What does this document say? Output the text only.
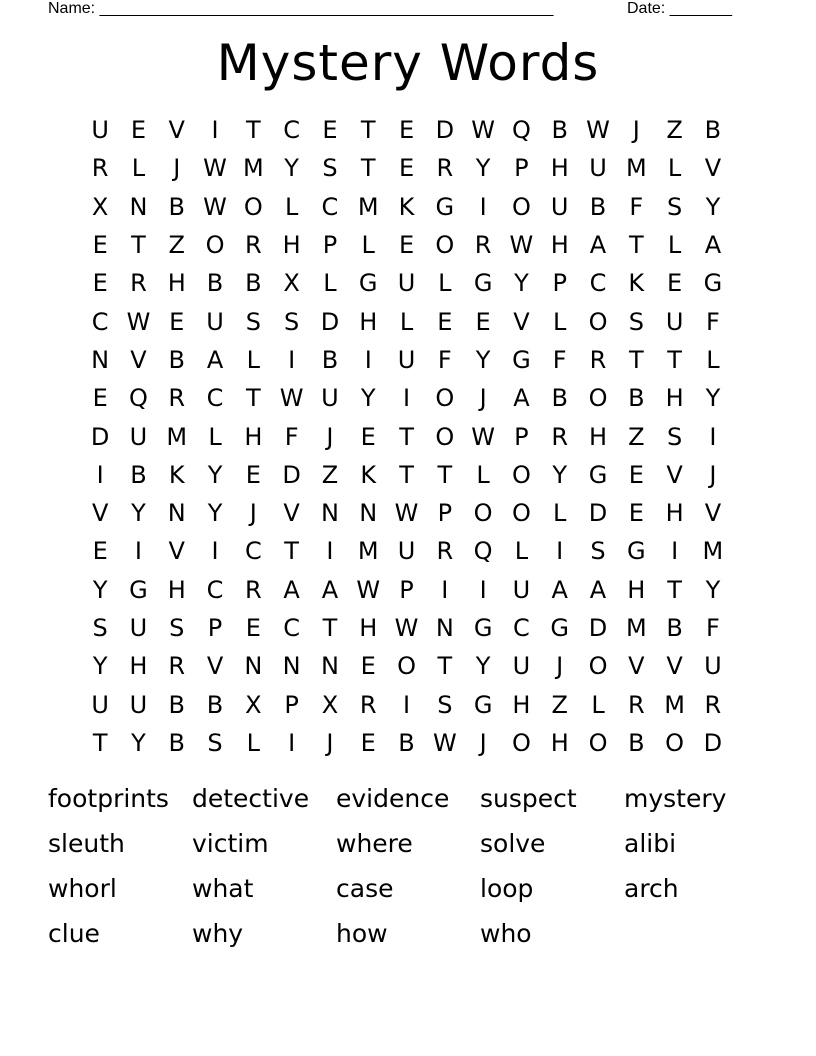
Name: ___________________________________________________	Date: _______
Mystery Words
U E V	I	T C E T E D W Q B W J	Z B
R L	J W M Y S T E R Y P H U M L V
X N B W O L C M K G	I	O U B F S Y
E T Z O R H P	L	E O R W H A T	L A
E R H B B X L G U L G Y P C K E G
C W E U S S D H L	E E V L O S U F
N V B A L	I	B	I	U F	Y G F R T T	L
E Q R C T W U Y	I	O	J	A B O B H Y
D U M L H F	J	E T O W P R H Z S	I
I	B K Y E D Z K T T	L O Y G E V	J
V Y N Y	J	V N N W P O O L D E H V
E	I	V	I	C T	I	M U R Q L	I	S G	I	M
Y G H C R A A W P	I	I	U A A H T Y
S U S P E C T H W N G C G D M B F
Y H R V N N N E O T Y U	J	O V V U
U U B B X P X R	I	S G H Z L R M R
T Y B S L	I	J	E B W J	O H O B O D
footprints detective	evidence	suspect	mystery
sleuth	victim	where	solve	alibi
whorl	what	case	loop	arch
clue	why	how	who
